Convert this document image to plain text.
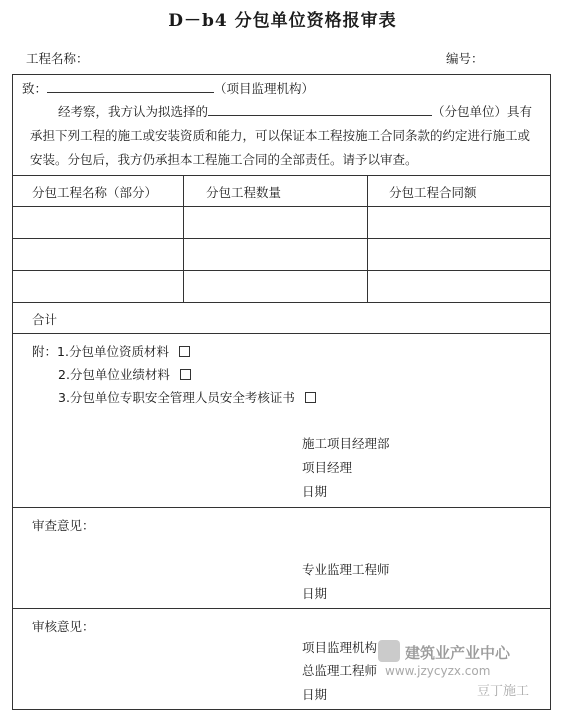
D－b4 分包单位资格报审表
工程名称：	编号：
致：	（项目监理机构）
经考察，我方认为拟选择的	（分包单位）具有
承担下列工程的施工或安装资质和能力，可以保证本工程按施工合同条款的约定进行施工或
安装。分包后，我方仍承担本工程施工合同的全部责任。请予以审查。
分包工程名称（部分）	分包工程数量	分包工程合同额
合计
附：1.分包单位资质材料
2.分包单位业绩材料
3.分包单位专职安全管理人员安全考核证书
施工项目经理部
项目经理
日期
审查意见：
专业监理工程师
日期
审核意见：
项目监理机构
总监理工程师
日期
建筑业产业中心
www.jzycyzx.com
豆丁施工
